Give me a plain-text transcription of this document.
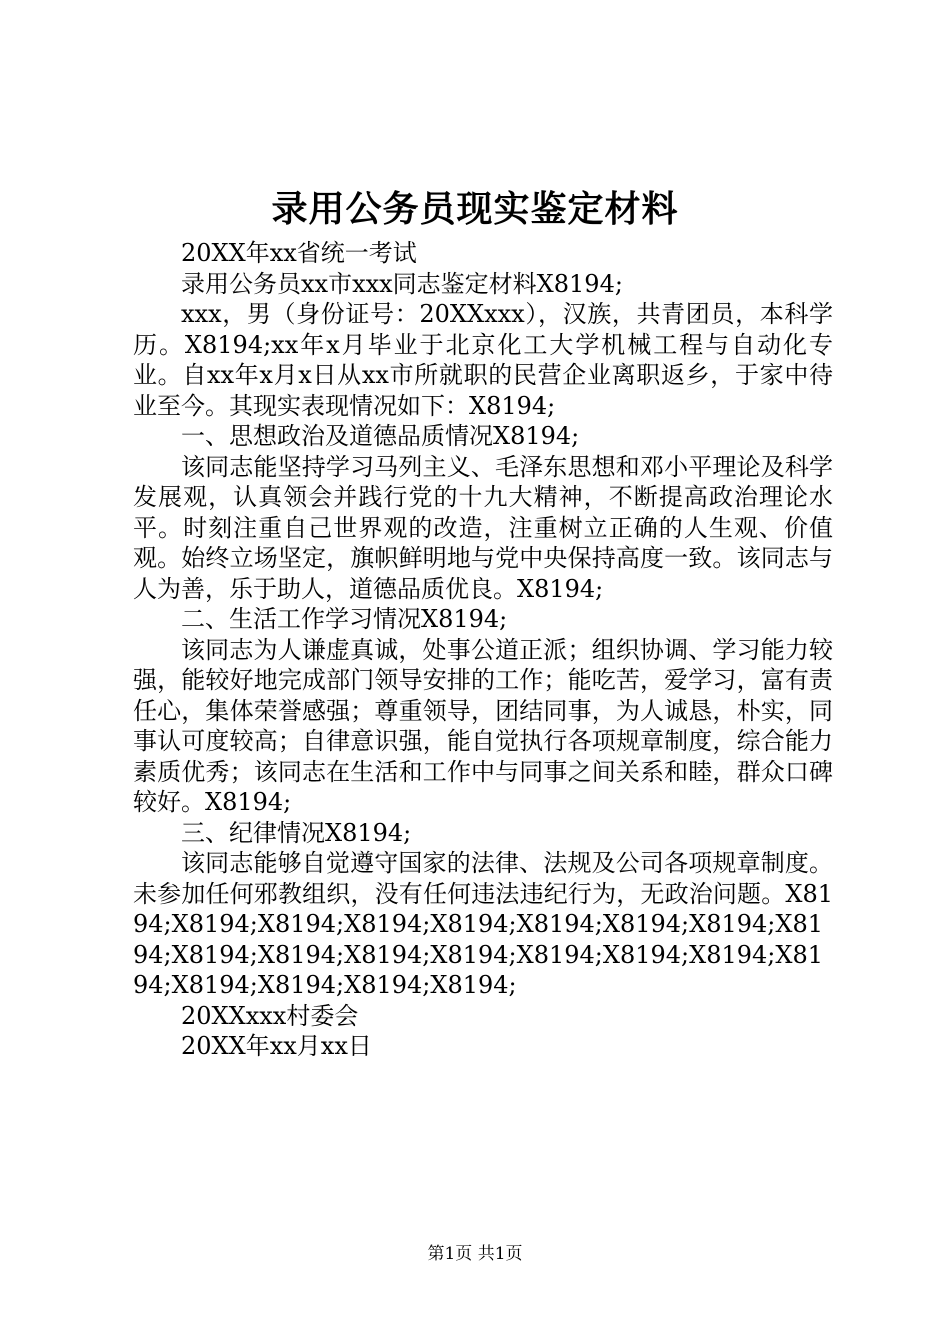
录用公务员现实鉴定材料

20XX年xx省统一考试

录用公务员xx市xxx同志鉴定材料X8194;

xxx，男（身份证号：20XXxxx），汉族，共青团员，本科学历。X8194;xx年x月毕业于北京化工大学机械工程与自动化专业。自xx年x月x日从xx市所就职的民营企业离职返乡，于家中待业至今。其现实表现情况如下：X8194;

一、思想政治及道德品质情况X8194;

该同志能坚持学习马列主义、毛泽东思想和邓小平理论及科学发展观，认真领会并践行党的十九大精神，不断提高政治理论水平。时刻注重自己世界观的改造，注重树立正确的人生观、价值观。始终立场坚定，旗帜鲜明地与党中央保持高度一致。该同志与人为善，乐于助人，道德品质优良。X8194;

二、生活工作学习情况X8194;

该同志为人谦虚真诚，处事公道正派；组织协调、学习能力较强，能较好地完成部门领导安排的工作；能吃苦，爱学习，富有责任心，集体荣誉感强；尊重领导，团结同事，为人诚恳，朴实，同事认可度较高；自律意识强，能自觉执行各项规章制度，综合能力素质优秀；该同志在生活和工作中与同事之间关系和睦，群众口碑较好。X8194;

三、纪律情况X8194;

该同志能够自觉遵守国家的法律、法规及公司各项规章制度。未参加任何邪教组织，没有任何违法违纪行为，无政治问题。X8194;X8194;X8194;X8194;X8194;X8194;X8194;X8194;X8194;X8194;X8194;X8194;X8194;X8194;X8194;X8194;X8194;X8194;X8194;X8194;X8194;

20XXxxx村委会

20XX年xx月xx日

第1页 共1页
